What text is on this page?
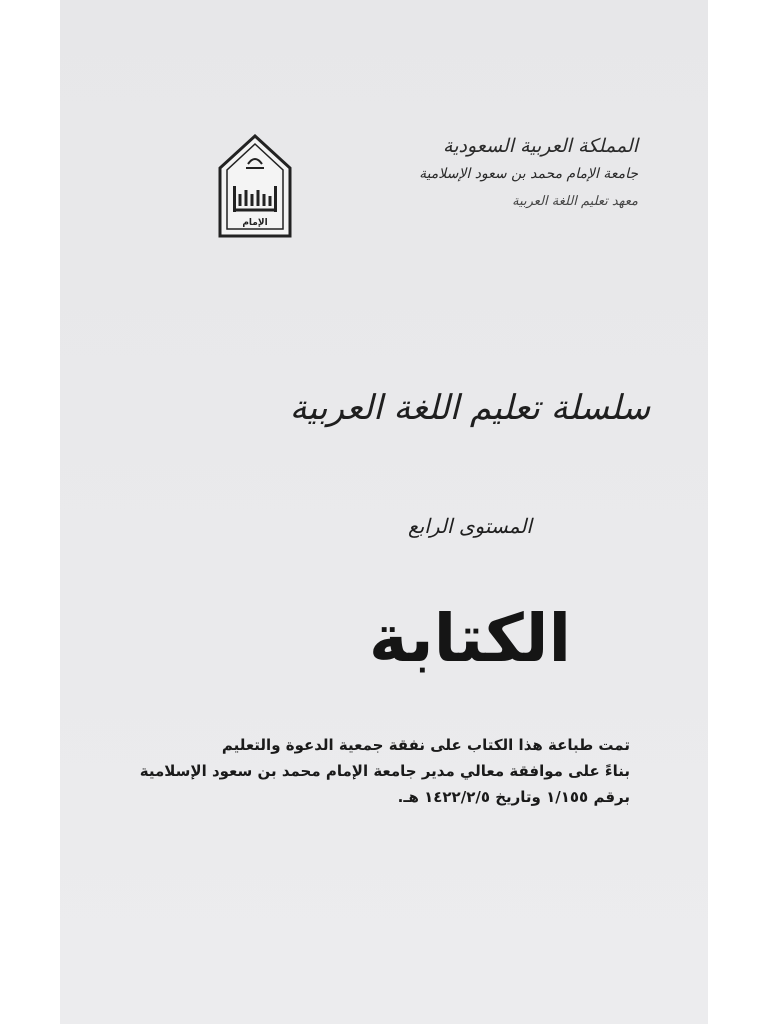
المملكة العربية السعودية
جامعة الإمام محمد بن سعود الإسلامية
معهد تعليم اللغة العربية
الإمام
سلسلة تعليم اللغة العربية
المستوى الرابع
الكتابة
تمت طباعة هذا الكتاب على نفقة جمعية الدعوة والتعليم
بناءً على موافقة معالي مدير جامعة الإمام محمد بن سعود الإسلامية
برقم ١/١٥٥ وتاريخ ١٤٢٢/٢/٥ هـ.
